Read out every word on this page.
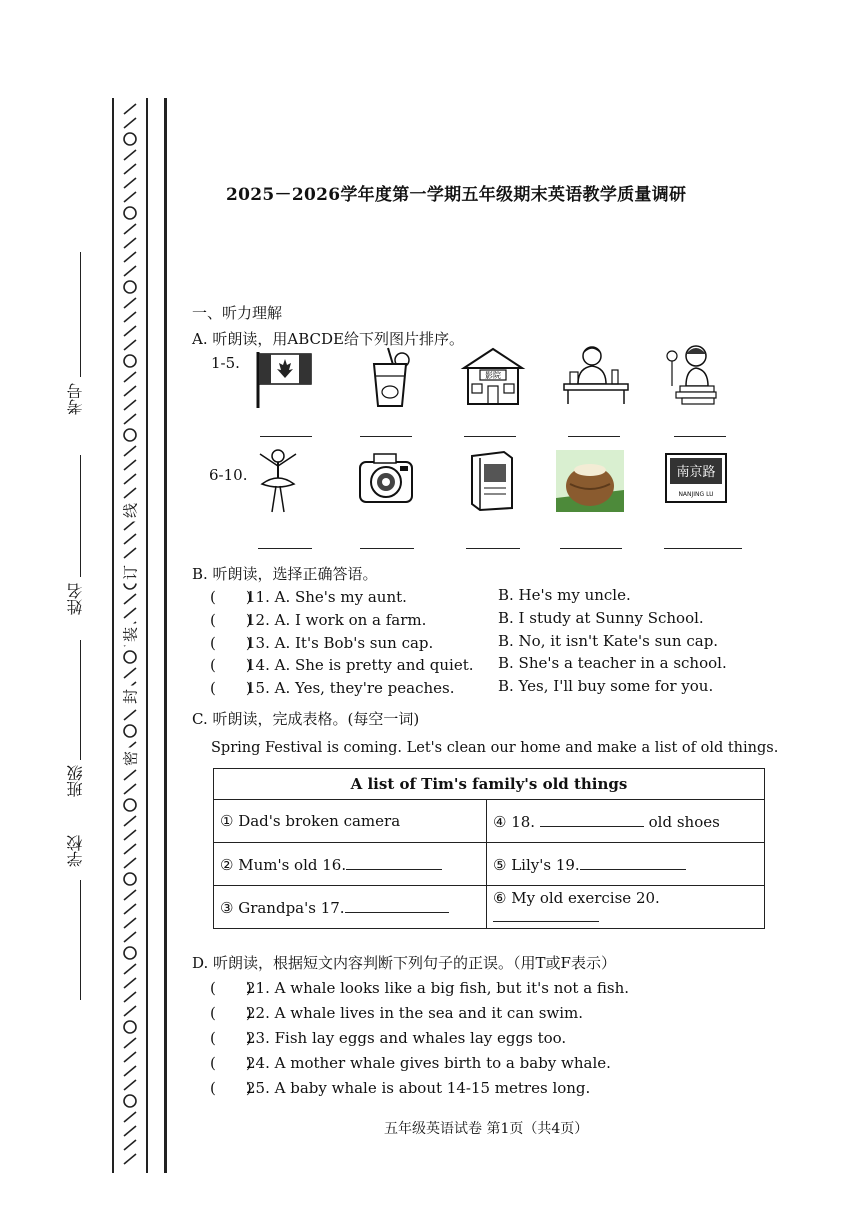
考号
姓名
班级
学校
线
订
装
封
密
2025－2026学年度第一学期五年级期末英语教学质量调研
一、听力理解
A. 听朗读，用ABCDE给下列图片排序。
1-5.
6-10.
影院
南京路
NANJING LU
B. 听朗读，选择正确答语。
(　　)11. A. She's my aunt.	B. He's my uncle.
(　　)12. A. I work on a farm.	B. I study at Sunny School.
(　　)13. A. It's Bob's sun cap.	B. No, it isn't Kate's sun cap.
(　　)14. A. She is pretty and quiet. B. She's a teacher in a school.
(　　)15. A. Yes, they're peaches.	B. Yes, I'll buy some for you.
C. 听朗读，完成表格。(每空一词)
Spring Festival is coming. Let's clean our home and make a list of old things.
A list of Tim's family's old things	
① Dad's broken camera	④ 18. old shoes
② Mum's old 16.	⑤ Lily's 19.
③ Grandpa's 17.	⑥ My old exercise 20.
D. 听朗读，根据短文内容判断下列句子的正误。（用T或F表示）
(　　)21. A whale looks like a big fish, but it's not a fish.
(　　)22. A whale lives in the sea and it can swim.
(　　)23. Fish lay eggs and whales lay eggs too.
(　　)24. A mother whale gives birth to a baby whale.
(　　)25. A baby whale is about 14-15 metres long.
五年级英语试卷 第1页（共4页）
